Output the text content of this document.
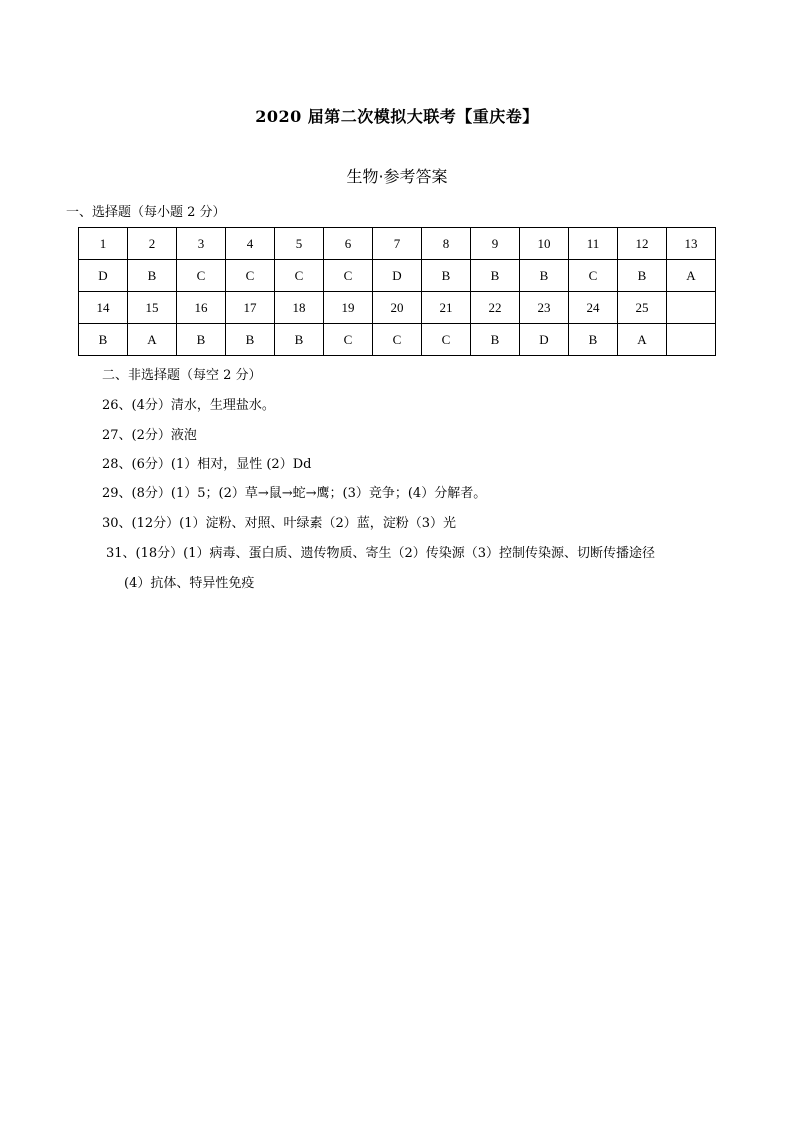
2020 届第二次模拟大联考【重庆卷】
生物·参考答案
一、选择题（每小题 2 分）
1	2	3	4	5	6	7	8	9	10	11	12	13
D	B	C	C	C	C	D	B	B	B	C	B	A
14	15	16	17	18	19	20	21	22	23	24	25	
B	A	B	B	B	C	C	C	B	D	B	A	
二、非选择题（每空 2 分）
26、(4分）清水，生理盐水。
27、(2分）液泡
28、(6分）(1）相对，显性 (2）Dd
29、(8分）(1）5；(2）草→鼠→蛇→鹰；(3）竞争；(4）分解者。
30、(12分）(1）淀粉、对照、叶绿素（2）蓝，淀粉（3）光
31、(18分）(1）病毒、蛋白质、遗传物质、寄生（2）传染源（3）控制传染源、切断传播途径
(4）抗体、特异性免疫
